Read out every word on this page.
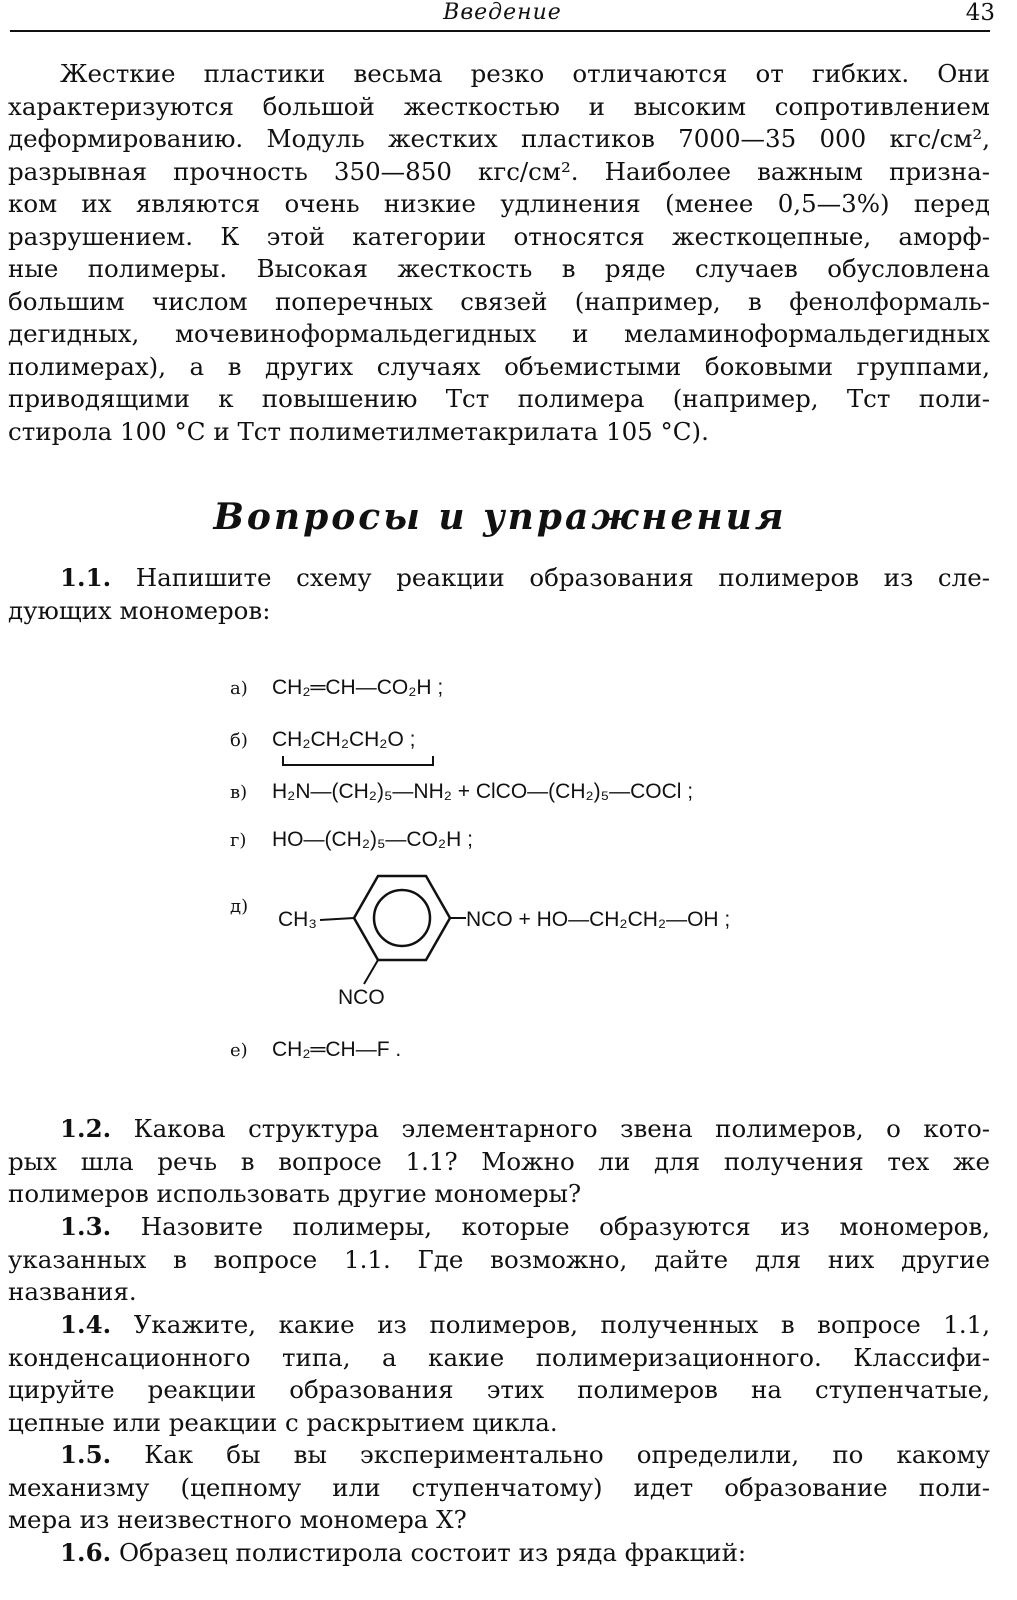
Введение	43
Жесткие пластики весьма резко отличаются от гибких. Они
характеризуются большой жесткостью и высоким сопротивлением
деформированию. Модуль жестких пластиков 7000—35 000 кгс/см²,
разрывная прочность 350—850 кгс/см². Наиболее важным призна-
ком их являются очень низкие удлинения (менее 0,5—3%) перед
разрушением. К этой категории относятся жесткоцепные, аморф-
ные полимеры. Высокая жесткость в ряде случаев обусловлена
большим числом поперечных связей (например, в фенолформаль-
дегидных, мочевиноформальдегидных и меламиноформальдегидных
полимерах), а в других случаях объемистыми боковыми группами,
приводящими к повышению Tст полимера (например, Tст поли-
стирола 100 °С и Tст полиметилметакрилата 105 °С).
Вопросы и упражнения
1.1. Напишите схему реакции образования полимеров из сле-
дующих мономеров:
а) CH₂═CH—CO₂H ;
б) CH₂CH₂CH₂O ;
в) H₂N—(CH₂)₅—NH₂ + ClCO—(CH₂)₅—COCl ;
г) HO—(CH₂)₅—CO₂H ;
д)
CH₃	NCO + HO—CH₂CH₂—OH ;
NCO
е) CH₂═CH—F .
1.2. Какова структура элементарного звена полимеров, о кото-
рых шла речь в вопросе 1.1? Можно ли для получения тех же
полимеров использовать другие мономеры?
1.3. Назовите полимеры, которые образуются из мономеров,
указанных в вопросе 1.1. Где возможно, дайте для них другие
названия.
1.4. Укажите, какие из полимеров, полученных в вопросе 1.1,
конденсационного типа, а какие полимеризационного. Классифи-
цируйте реакции образования этих полимеров на ступенчатые,
цепные или реакции с раскрытием цикла.
1.5. Как бы вы экспериментально определили, по какому
механизму (цепному или ступенчатому) идет образование поли-
мера из неизвестного мономера X?
1.6. Образец полистирола состоит из ряда фракций:
